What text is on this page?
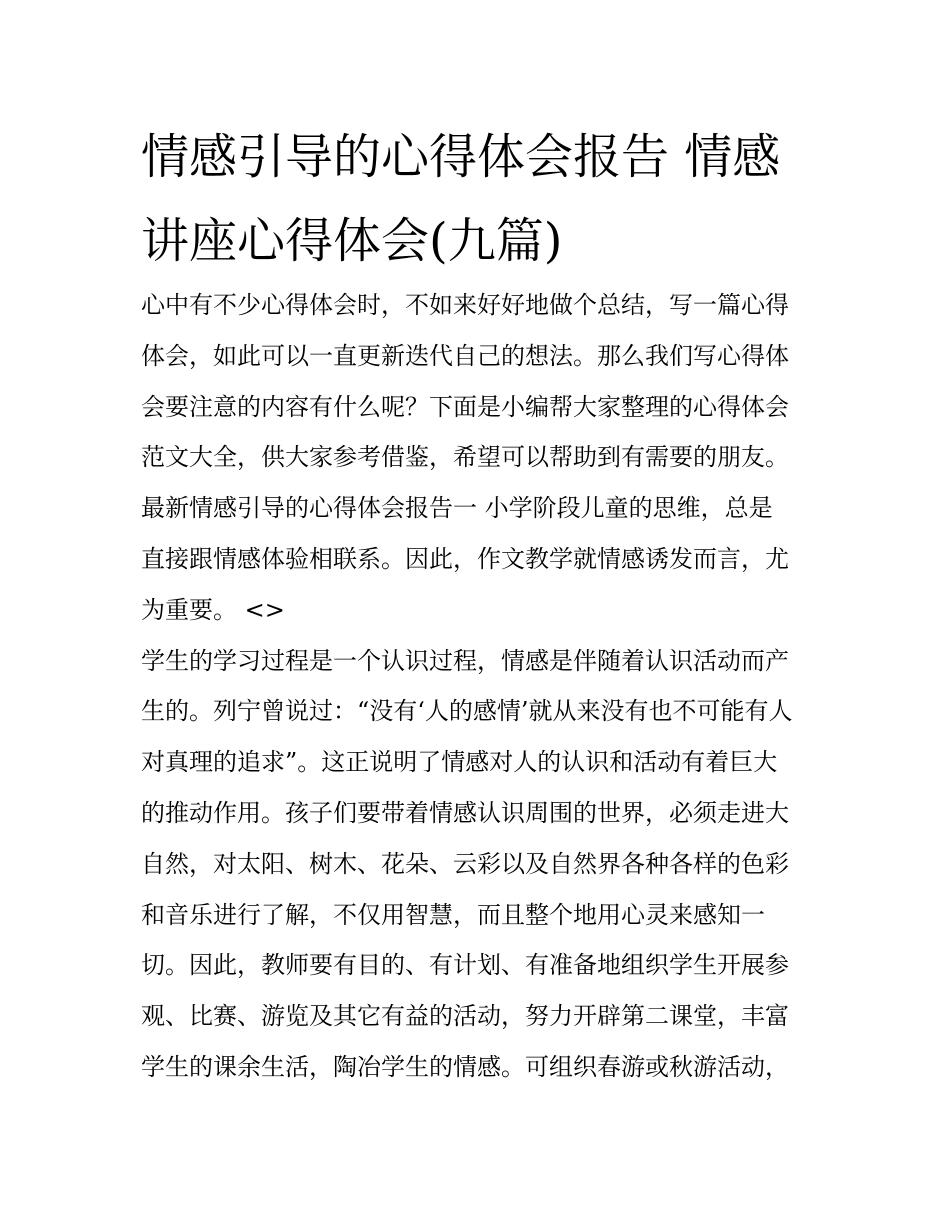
情感引导的心得体会报告 情感
讲座心得体会(九篇)
心中有不少心得体会时，不如来好好地做个总结，写一篇心得
体会，如此可以一直更新迭代自己的想法。那么我们写心得体
会要注意的内容有什么呢？下面是小编帮大家整理的心得体会
范文大全，供大家参考借鉴，希望可以帮助到有需要的朋友。
最新情感引导的心得体会报告一 小学阶段儿童的思维，总是
直接跟情感体验相联系。因此，作文教学就情感诱发而言，尤
为重要。 <>
学生的学习过程是一个认识过程，情感是伴随着认识活动而产
生的。列宁曾说过：“没有‘人的感情’就从来没有也不可能有人
对真理的追求”。这正说明了情感对人的认识和活动有着巨大
的推动作用。孩子们要带着情感认识周围的世界，必须走进大
自然，对太阳、树木、花朵、云彩以及自然界各种各样的色彩
和音乐进行了解，不仅用智慧，而且整个地用心灵来感知一
切。因此，教师要有目的、有计划、有准备地组织学生开展参
观、比赛、游览及其它有益的活动，努力开辟第二课堂，丰富
学生的课余生活，陶冶学生的情感。可组织春游或秋游活动，
